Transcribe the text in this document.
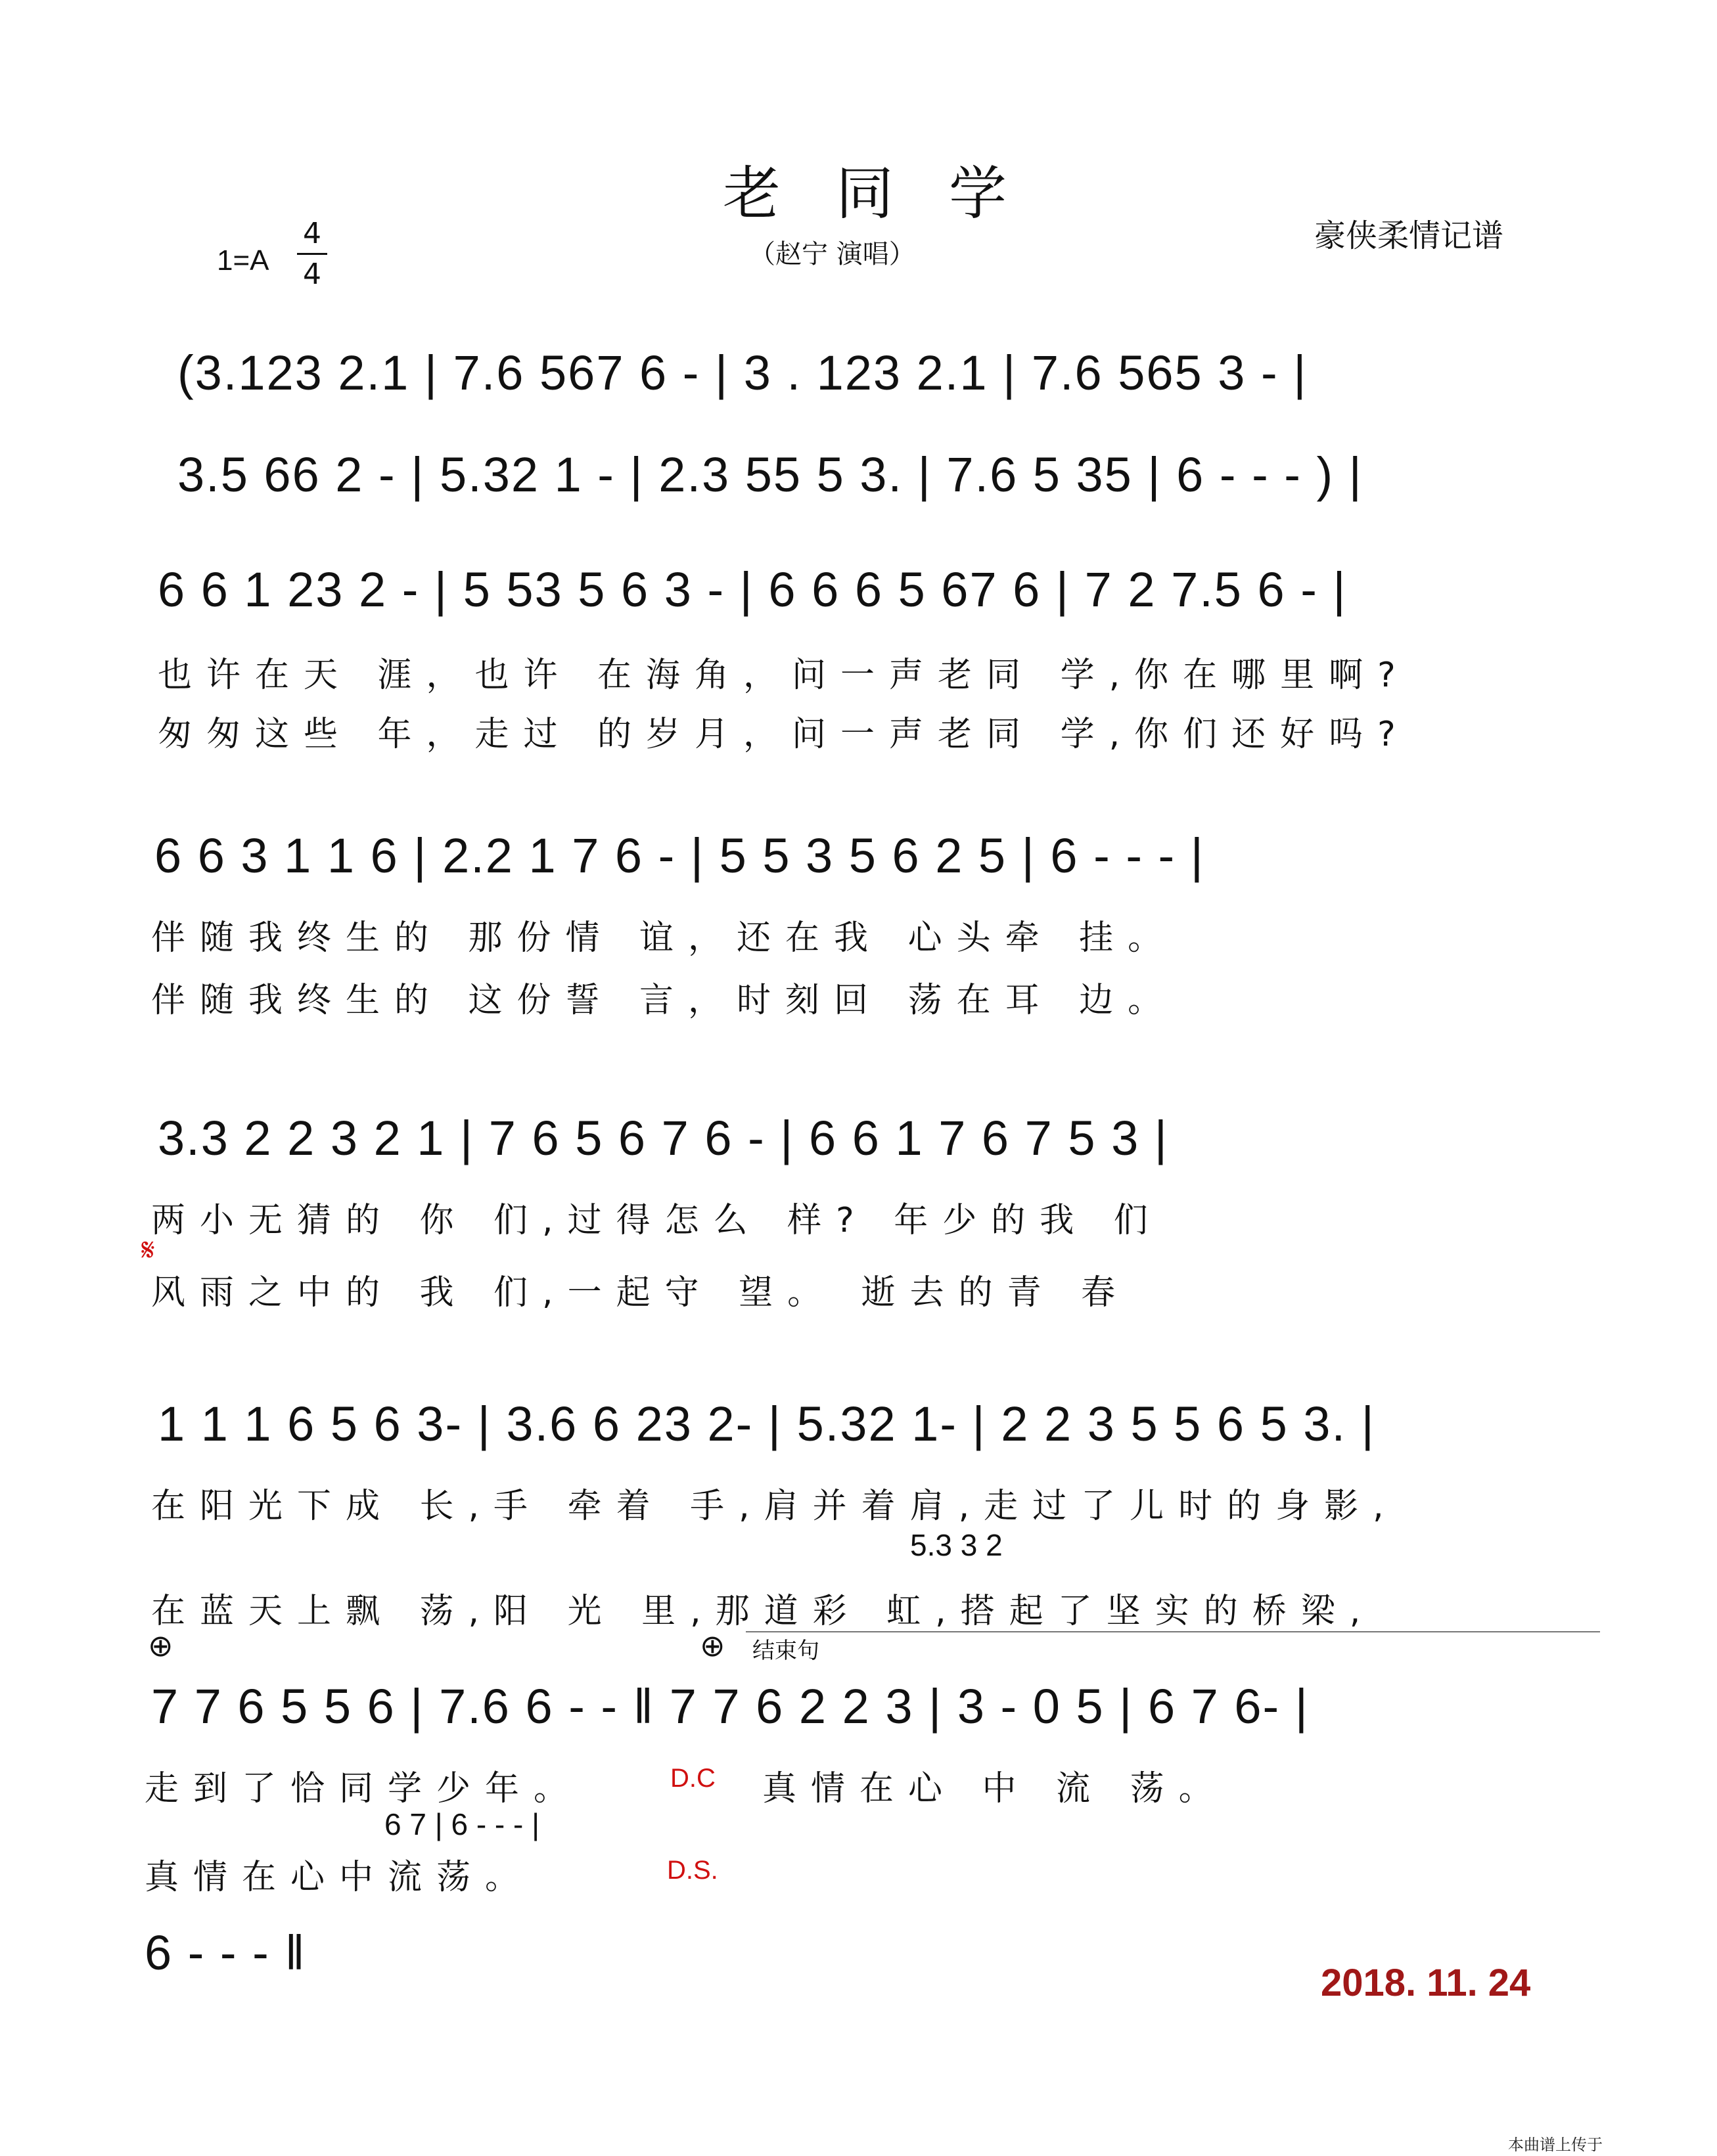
老 同 学
（赵宁 演唱）	豪侠柔情记谱
1=A
4
4
(3.123 2.1 | 7.6 567 6 - | 3 . 123 2.1 | 7.6 565 3 - |
3.5 66 2 - | 5.32 1 - | 2.3 55 5 3. | 7.6 5 35 | 6 - - - ) |
6 6 1 23 2 - | 5 53 5 6 3 - | 6 6 6 5 67 6 | 7 2 7.5 6 - |
也许在天 涯，也许 在海角，问一声老同 学,你在哪里啊?
匆匆这些 年，走过 的岁月，问一声老同 学,你们还好吗?
6 6 3 1 1 6 | 2.2 1 7 6 - | 5 5 3 5 6 2 5 | 6 - - - |
伴随我终生的 那份情 谊，还在我 心头牵 挂。
伴随我终生的 这份誓 言，时刻回 荡在耳 边。
3.3 2 2 3 2 1 | 7 6 5 6 7 6 - | 6 6 1 7 6 7 5 3 |
两小无猜的 你 们,过得怎么 样? 年少的我 们
𝄋
风雨之中的 我 们,一起守 望。 逝去的青 春
1 1 1 6 5 6 3- | 3.6 6 23 2- | 5.32 1- | 2 2 3 5 5 6 5 3. |
在阳光下成 长,手 牵着 手,肩并着肩,走过了儿时的身影,
5.3 3 2
在蓝天上飘 荡,阳 光 里,那道彩 虹,搭起了坚实的桥梁,
⊕	⊕ 结束句
7 7 6 5 5 6 | 7.6 6 - - ‖ 7 7 6 2 2 3 | 3 - 0 5 | 6 7 6- |
走到了恰同学少年。	D.C 真情在心 中 流 荡。
6 7 | 6 - - - |
真情在心中流荡。	D.S.
6 - - - ‖
2018. 11. 24
本曲谱上传于
